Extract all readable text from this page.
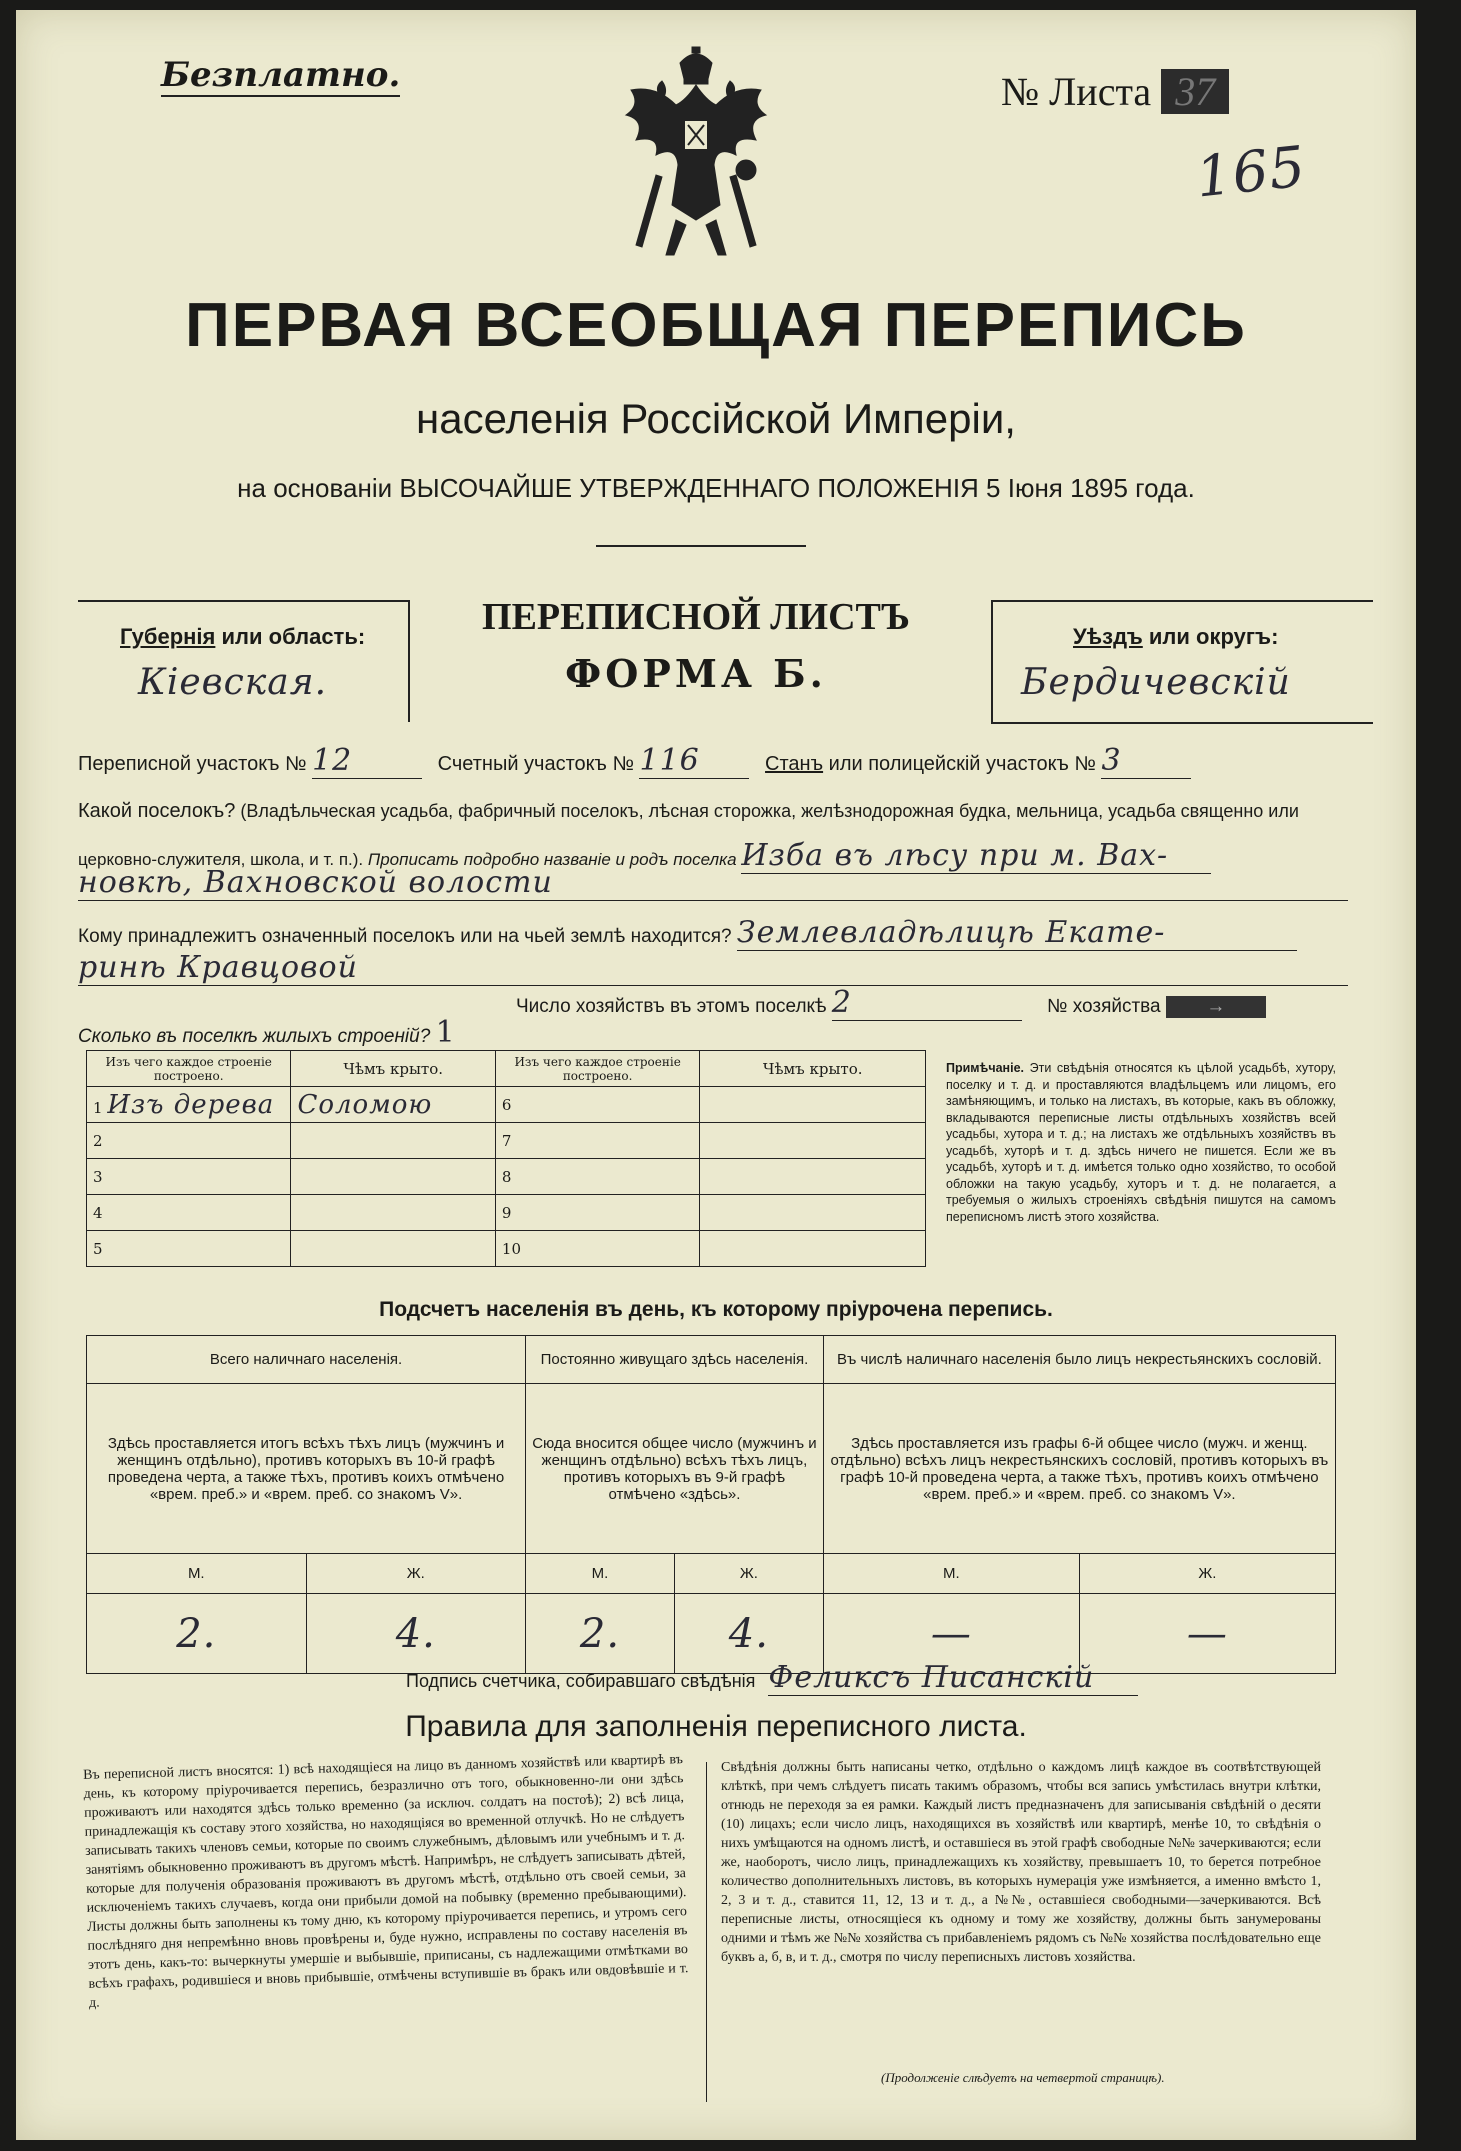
Безплатно.	№ Листа 37
165
ПЕРВАЯ ВСЕОБЩАЯ ПЕРЕПИСЬ
населенія Россійской Имперіи,
на основаніи ВЫСОЧАЙШЕ УТВЕРЖДЕННАГО ПОЛОЖЕНІЯ 5 Іюня 1895 года.
Губернія или область:
Кіевская.
ПЕРЕПИСНОЙ ЛИСТЪ
ФОРМА Б.
Уѣздъ или округъ:
Бердичевскій
Переписной участокъ № 12	Счетный участокъ № 116	Станъ или полицейскій участокъ № 3
Какой поселокъ? (Владѣльческая усадьба, фабричный поселокъ, лѣсная сторожка, желѣзнодорожная будка, мельница, усадьба священно или
церковно-служителя, школа, и т. п.). Прописать подробно названіе и родъ поселка Изба въ лѣсу при м. Вах-
новкѣ, Вахновской волости
Кому принадлежитъ означенный поселокъ или на чьей землѣ находится? Землевладѣлицѣ Екате-
ринѣ Кравцовой
Число хозяйствъ въ этомъ поселкѣ 2	№ хозяйства →
Сколько въ поселкѣ жилыхъ строеній? 1
Изъ чего каждое строеніе построено.	Чѣмъ крыто.	Изъ чего каждое строеніе построено.	Чѣмъ крыто.
1 Изъ дерева	Соломою	6	
2		7	
3		8	
4		9	
5		10	
Примѣчаніе. Эти свѣдѣнія относятся къ цѣлой усадьбѣ, хутору, поселку и т. д. и проставляются владѣльцемъ или лицомъ, его замѣняющимъ, и только на листахъ, въ которые, какъ въ обложку, вкладываются переписные листы отдѣльныхъ хозяйствъ всей усадьбы, хутора и т. д.; на листахъ же отдѣльныхъ хозяйствъ въ усадьбѣ, хуторѣ и т. д. здѣсь ничего не пишется. Если же въ усадьбѣ, хуторѣ и т. д. имѣется только одно хозяйство, то особой обложки на такую усадьбу, хуторъ и т. д. не полагается, а требуемыя о жилыхъ строеніяхъ свѣдѣнія пишутся на самомъ переписномъ листѣ этого хозяйства.
Подсчетъ населенія въ день, къ которому пріурочена перепись.
Всего наличнаго населенія.		Постоянно живущаго здѣсь населенія.		Въ числѣ наличнаго населенія было лицъ некрестьянскихъ сословій.	
Здѣсь проставляется итогъ всѣхъ тѣхъ лицъ (мужчинъ и женщинъ отдѣльно), противъ которыхъ въ 10-й графѣ проведена черта, а также тѣхъ, противъ коихъ отмѣчено «врем. преб.» и «врем. преб. со знакомъ V».		Сюда вносится общее число (мужчинъ и женщинъ отдѣльно) всѣхъ тѣхъ лицъ, противъ которыхъ въ 9-й графѣ отмѣчено «здѣсь».		Здѣсь проставляется изъ графы 6-й общее число (мужч. и женщ. отдѣльно) всѣхъ лицъ некрестьянскихъ сословій, противъ которыхъ въ графѣ 10-й проведена черта, а также тѣхъ, противъ коихъ отмѣчено «врем. преб.» и «врем. преб. со знакомъ V».	
М.	Ж.	М.	Ж.	М.	Ж.
2.	4.	2.	4.	—	—
Подпись счетчика, собиравшаго свѣдѣнія Феликсъ Писанскій
Правила для заполненія переписного листа.
Въ переписной листъ вносятся: 1) всѣ находящіеся на лицо въ данномъ хозяйствѣ или квартирѣ въ день, къ которому пріурочивается перепись, безразлично отъ того, обыкновенно-ли они здѣсь проживаютъ или находятся здѣсь только временно (за исключ. солдатъ на постоѣ); 2) всѣ лица, принадлежащія къ составу этого хозяйства, но находящіяся во временной отлучкѣ. Но не слѣдуетъ записывать такихъ членовъ семьи, которые по своимъ служебнымъ, дѣловымъ или учебнымъ и т. д. занятіямъ обыкновенно проживаютъ въ другомъ мѣстѣ. Напримѣръ, не слѣдуетъ записывать дѣтей, которые для полученія образованія проживаютъ въ другомъ мѣстѣ, отдѣльно отъ своей семьи, за исключеніемъ такихъ случаевъ, когда они прибыли домой на побывку (временно пребывающими). Листы должны быть заполнены къ тому дню, къ которому пріурочивается перепись, и утромъ сего послѣдняго дня непремѣнно вновь провѣрены и, буде нужно, исправлены по составу населенія въ этотъ день, какъ-то: вычеркнуты умершіе и выбывшіе, приписаны, съ надлежащими отмѣтками во всѣхъ графахъ, родившіеся и вновь прибывшіе, отмѣчены вступившіе въ бракъ или овдовѣвшіе и т. д.
Свѣдѣнія должны быть написаны четко, отдѣльно о каждомъ лицѣ каждое въ соотвѣтствующей клѣткѣ, при чемъ слѣдуетъ писать такимъ образомъ, чтобы вся запись умѣстилась внутри клѣтки, отнюдь не переходя за ея рамки. Каждый листъ предназначенъ для записыванія свѣдѣній о десяти (10) лицахъ; если число лицъ, находящихся въ хозяйствѣ или квартирѣ, менѣе 10, то свѣдѣнія о нихъ умѣщаются на одномъ листѣ, и оставшіеся въ этой графѣ свободные №№ зачеркиваются; если же, наоборотъ, число лицъ, принадлежащихъ къ хозяйству, превышаетъ 10, то берется потребное количество дополнительныхъ листовъ, въ которыхъ нумерація уже измѣняется, а именно вмѣсто 1, 2, 3 и т. д., ставится 11, 12, 13 и т. д., а №№, оставшіеся свободными—зачеркиваются. Всѣ переписные листы, относящіеся къ одному и тому же хозяйству, должны быть занумерованы одними и тѣмъ же №№ хозяйства съ прибавленіемъ рядомъ съ №№ хозяйства послѣдовательно еще буквъ а, б, в, и т. д., смотря по числу переписныхъ листовъ хозяйства.
(Продолженіе слѣдуетъ на четвертой страницѣ).
